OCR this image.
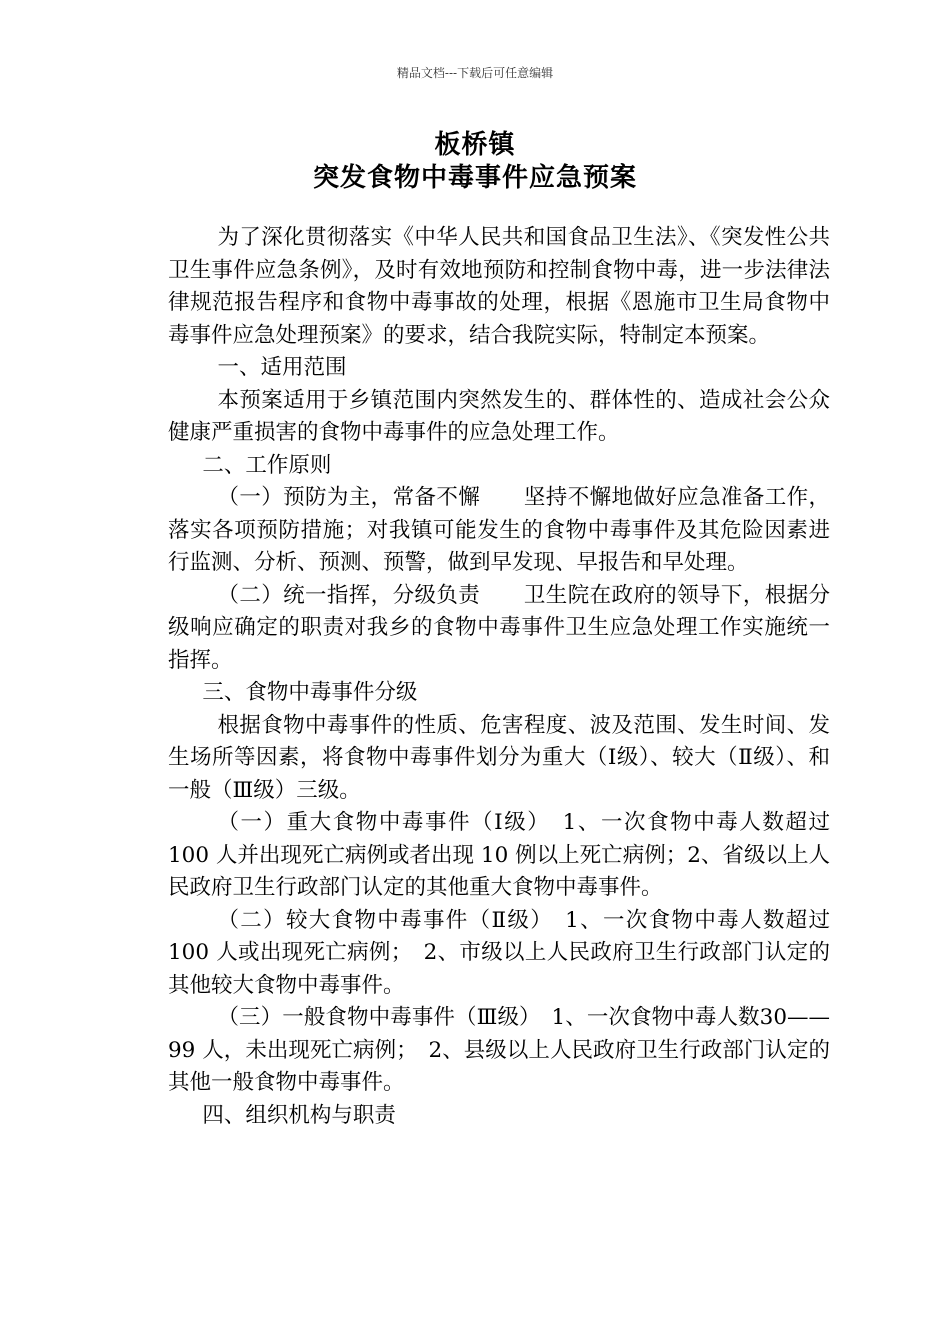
精品文档---下载后可任意编辑
板桥镇
突发食物中毒事件应急预案

为了深化贯彻落实《中华人民共和国食品卫生法》、《突发性公共卫生事件应急条例》，及时有效地预防和控制食物中毒，进一步法律法律规范报告程序和食物中毒事故的处理，根据《恩施市卫生局食物中毒事件应急处理预案》的要求，结合我院实际，特制定本预案。

一、适用范围

本预案适用于乡镇范围内突然发生的、群体性的、造成社会公众健康严重损害的食物中毒事件的应急处理工作。

二、工作原则

（一）预防为主，常备不懈　　坚持不懈地做好应急准备工作，落实各项预防措施；对我镇可能发生的食物中毒事件及其危险因素进行监测、分析、预测、预警，做到早发现、早报告和早处理。

（二）统一指挥，分级负责　　卫生院在政府的领导下，根据分级响应确定的职责对我乡的食物中毒事件卫生应急处理工作实施统一指挥。

三、食物中毒事件分级

根据食物中毒事件的性质、危害程度、波及范围、发生时间、发生场所等因素，将食物中毒事件划分为重大（Ⅰ级）、较大（Ⅱ级）、和一般（Ⅲ级）三级。

（一）重大食物中毒事件（Ⅰ级）　1、一次食物中毒人数超过 100 人并出现死亡病例或者出现 10 例以上死亡病例；2、省级以上人民政府卫生行政部门认定的其他重大食物中毒事件。

（二）较大食物中毒事件（Ⅱ级）　1、一次食物中毒人数超过 100 人或出现死亡病例；　2、市级以上人民政府卫生行政部门认定的其他较大食物中毒事件。

（三）一般食物中毒事件（Ⅲ级）　1、一次食物中毒人数30——99 人，未出现死亡病例；　2、县级以上人民政府卫生行政部门认定的其他一般食物中毒事件。

四、组织机构与职责
